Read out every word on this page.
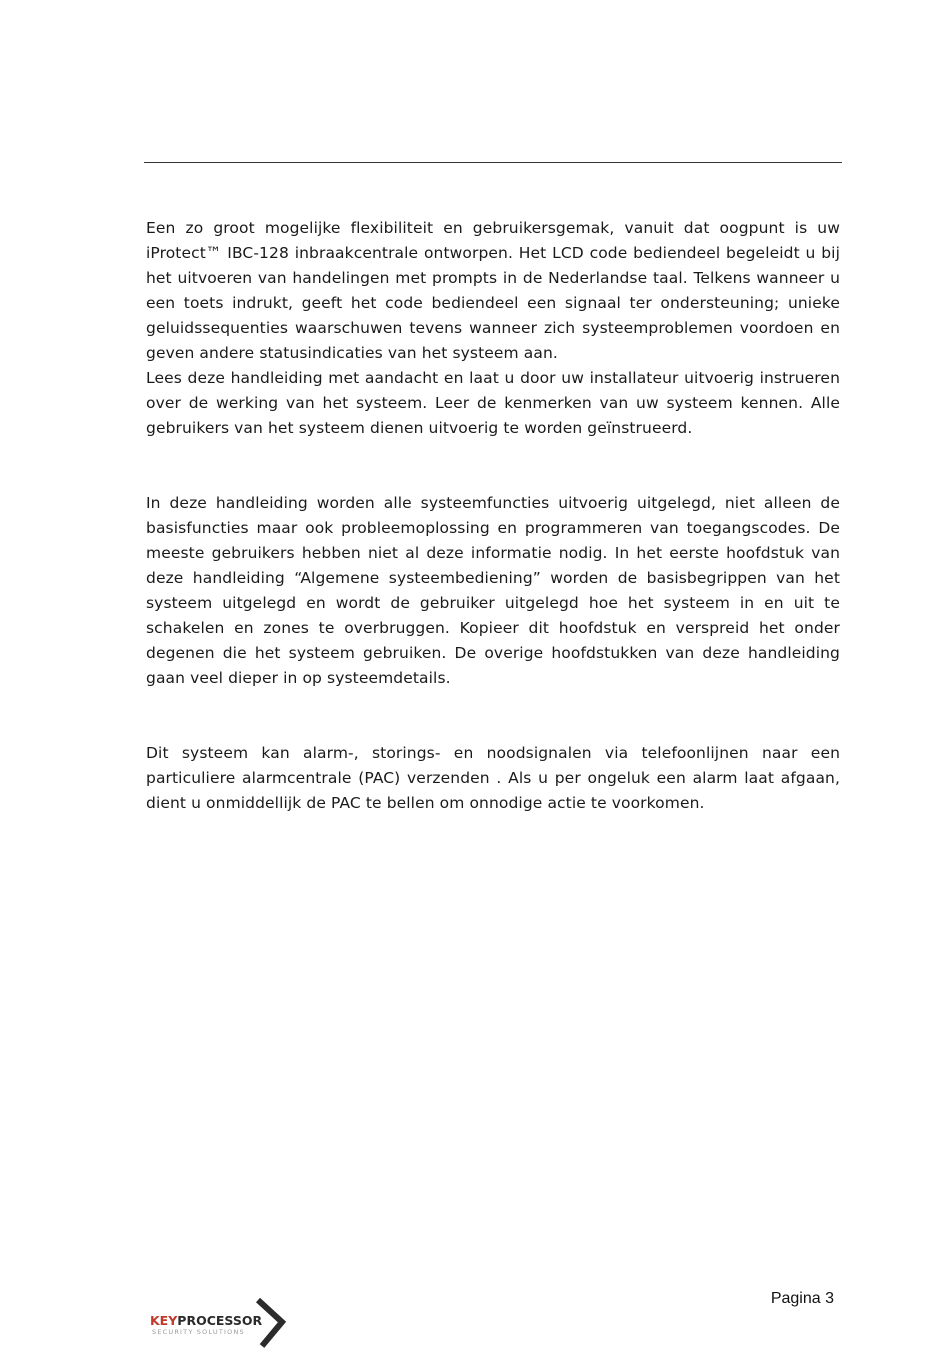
Een zo groot mogelijke flexibiliteit en gebruikersgemak, vanuit dat oogpunt is uw iProtect™ IBC-128 inbraakcentrale ontworpen. Het LCD code bediendeel begeleidt u bij het uitvoeren van handelingen met prompts in de Nederlandse taal. Telkens wanneer u een toets indrukt, geeft het code bediendeel een signaal ter ondersteuning; unieke geluidssequenties waarschuwen tevens wanneer zich systeemproblemen voordoen en geven andere statusindicaties van het systeem aan.

Lees deze handleiding met aandacht en laat u door uw installateur uitvoerig instrueren over de werking van het systeem. Leer de kenmerken van uw systeem kennen. Alle gebruikers van het systeem dienen uitvoerig te worden geïnstrueerd.

In deze handleiding worden alle systeemfuncties uitvoerig uitgelegd, niet alleen de basisfuncties maar ook probleemoplossing en programmeren van toegangscodes. De meeste gebruikers hebben niet al deze informatie nodig. In het eerste hoofdstuk van deze handleiding “Algemene systeembediening” worden de basisbegrippen van het systeem uitgelegd en wordt de gebruiker uitgelegd hoe het systeem in en uit te schakelen en zones te overbruggen. Kopieer dit hoofdstuk en verspreid het onder degenen die het systeem gebruiken. De overige hoofdstukken van deze handleiding gaan veel dieper in op systeemdetails.

Dit systeem kan alarm-, storings- en noodsignalen via telefoonlijnen naar een particuliere alarmcentrale (PAC) verzenden . Als u per ongeluk een alarm laat afgaan, dient u onmiddellijk de PAC te bellen om onnodige actie te voorkomen.

KEYPROCESSOR
SECURITY SOLUTIONS
Pagina 3
